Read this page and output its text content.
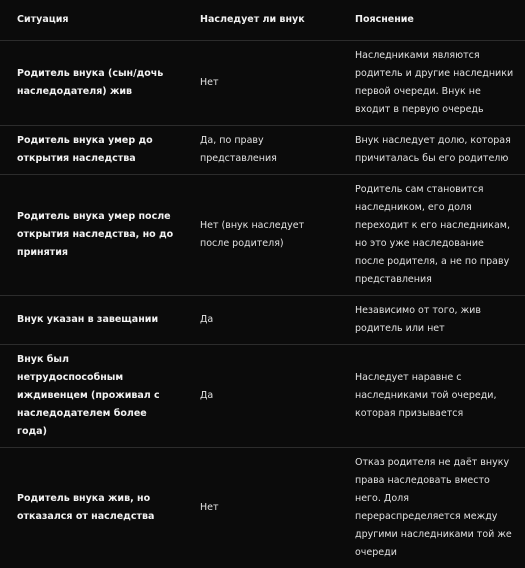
Ситуация	Наследует ли внук	Пояснение
Родитель внука (сын/дочь наследодателя) жив	Нет	Наследниками являются родитель и другие наследники первой очереди. Внук не входит в первую очередь
Родитель внука умер до открытия наследства	Да, по праву представления	Внук наследует долю, которая причиталась бы его родителю
Родитель внука умер после открытия наследства, но до принятия	Нет (внук наследует после родителя)	Родитель сам становится наследником, его доля переходит к его наследникам, но это уже наследование после родителя, а не по праву представления
Внук указан в завещании	Да	Независимо от того, жив родитель или нет
Внук был нетрудоспособным иждивенцем (проживал с наследодателем более года)	Да	Наследует наравне с наследниками той очереди, которая призывается
Родитель внука жив, но отказался от наследства	Нет	Отказ родителя не даёт внуку права наследовать вместо него. Доля перераспределяется между другими наследниками той же очереди
